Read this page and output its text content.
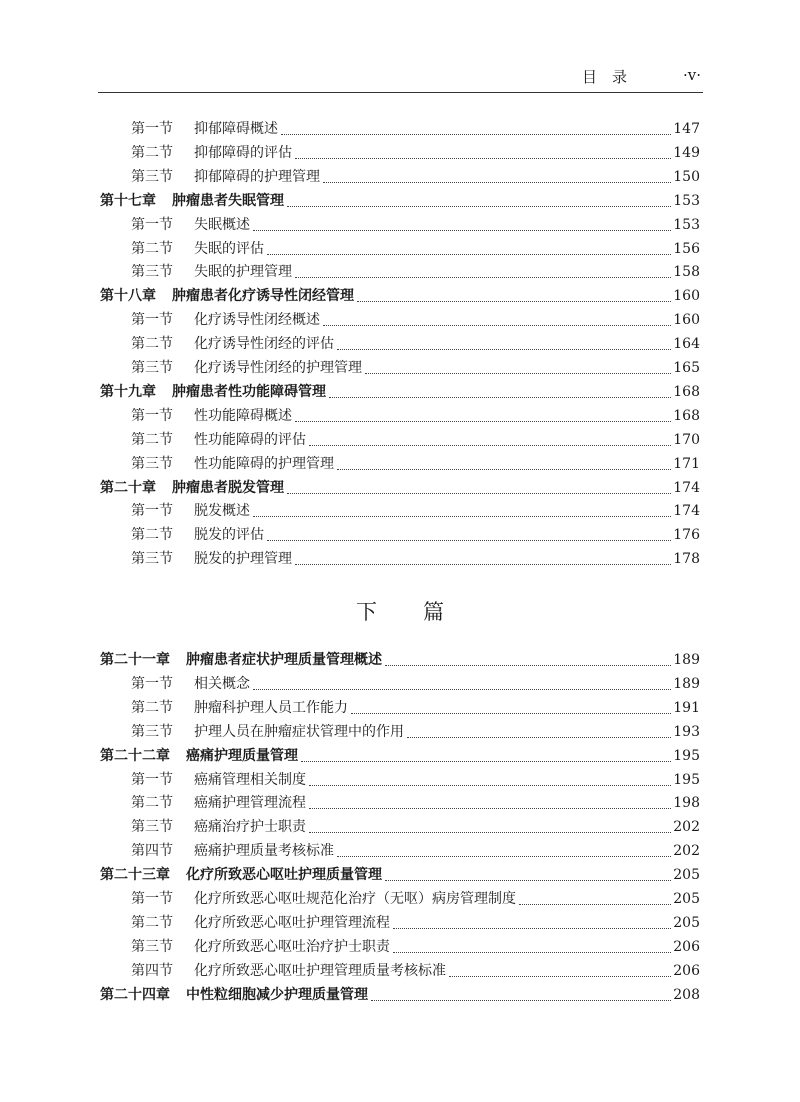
目　录	·v·
第一节 抑郁障碍概述	147
第二节 抑郁障碍的评估	149
第三节 抑郁障碍的护理管理	150
第十七章 肿瘤患者失眠管理	153
第一节 失眠概述	153
第二节 失眠的评估	156
第三节 失眠的护理管理	158
第十八章 肿瘤患者化疗诱导性闭经管理	160
第一节 化疗诱导性闭经概述	160
第二节 化疗诱导性闭经的评估	164
第三节 化疗诱导性闭经的护理管理	165
第十九章 肿瘤患者性功能障碍管理	168
第一节 性功能障碍概述	168
第二节 性功能障碍的评估	170
第三节 性功能障碍的护理管理	171
第二十章 肿瘤患者脱发管理	174
第一节 脱发概述	174
第二节 脱发的评估	176
第三节 脱发的护理管理	178
第二十一章 肿瘤患者症状护理质量管理概述	189
第一节 相关概念	189
第二节 肿瘤科护理人员工作能力	191
第三节 护理人员在肿瘤症状管理中的作用	193
第二十二章 癌痛护理质量管理	195
第一节 癌痛管理相关制度	195
第二节 癌痛护理管理流程	198
第三节 癌痛治疗护士职责	202
第四节 癌痛护理质量考核标准	202
第二十三章 化疗所致恶心呕吐护理质量管理	205
第一节 化疗所致恶心呕吐规范化治疗（无呕）病房管理制度	205
第二节 化疗所致恶心呕吐护理管理流程	205
第三节 化疗所致恶心呕吐治疗护士职责	206
第四节 化疗所致恶心呕吐护理管理质量考核标准	206
第二十四章 中性粒细胞减少护理质量管理	208
下 篇
